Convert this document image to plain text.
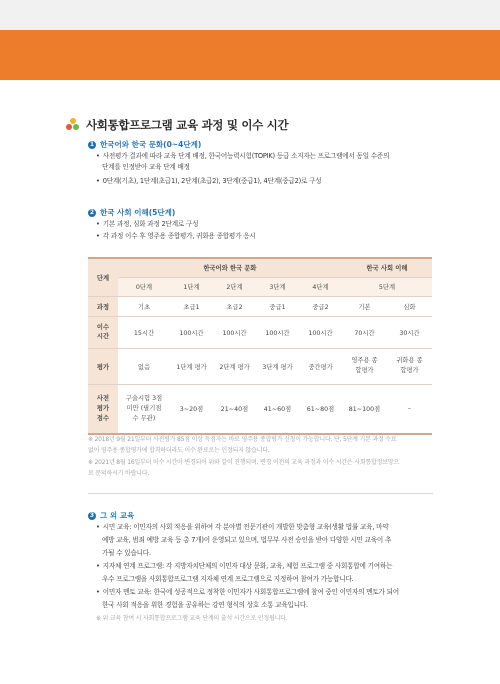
사회통합프로그램 교육 과정 및 이수 시간
1 한국어와 한국 문화(0~4단계)
• 사전평가 결과에 따라 교육 단계 배정, 한국어능력시험(TOPIK) 등급 소지자는 프로그램에서 동일 수준의
단계를 인정받아 교육 단계 배정
• 0단계(기초), 1단계(초급1), 2단계(초급2), 3단계(중급1), 4단계(중급2)로 구성
2 한국 사회 이해(5단계)
• 기본 과정, 심화 과정 2단계로 구성
• 각 과정 이수 후 영주용 종합평가, 귀화용 종합평가 응시
단계	한국어와 한국 문화					한국 사회 이해	
	0단계	1단계	2단계	3단계	4단계	5단계	
과정	기초	초급1	초급2	중급1	중급2	기본	심화
이수 시간	15시간	100시간	100시간	100시간	100시간	70시간	30시간
평가	없음	1단계 평가	2단계 평가	3단계 평가	중간평가	영주용 종합평가	귀화용 종합평가
사전 평가 점수	구술시험 3점 미만 (필기점수 무관)	3~20점	21~40점	41~60점	61~80점	81~100점	–
※ 2018년 9월 21일부터 사전평가 85점 이상 득점자는 바로 영주용 종합평가 신청이 가능합니다. 단, 5단계 기본 과정 수료
없이 영주용 종합평가에 합격하더라도 이수 완료로는 인정되지 않습니다.
※ 2021년 8월 16일부터 이수 시간이 변경되어 위와 같이 진행되며, 변경 이전의 교육 과정과 이수 시간은 사회통합정보망으
로 문의하시기 바랍니다.
3 그 외 교육
• 시민 교육: 이민자의 사회 적응을 위하여 각 분야별 전문기관이 개발한 맞춤형 교육(생활 법률 교육, 마약
예방 교육, 범죄 예방 교육 등 총 7개)이 운영되고 있으며, 법무부 사전 승인을 받아 다양한 시민 교육이 추
가될 수 있습니다.
• 지자체 연계 프로그램: 각 지방자치단체의 이민자 대상 문화, 교육, 체험 프로그램 중 사회통합에 기여하는
우수 프로그램을 사회통합프로그램 지자체 연계 프로그램으로 지정하여 참여가 가능합니다.
• 이민자 멘토 교육: 한국에 성공적으로 정착한 이민자가 사회통합프로그램에 참여 중인 이민자의 멘토가 되어
한국 사회 적응을 위한 경험을 공유하는 강연 형식의 상호 소통 교육입니다.
※ 위 교육 참여 시 사회통합프로그램 교육 단계의 출석 시간으로 인정됩니다.
